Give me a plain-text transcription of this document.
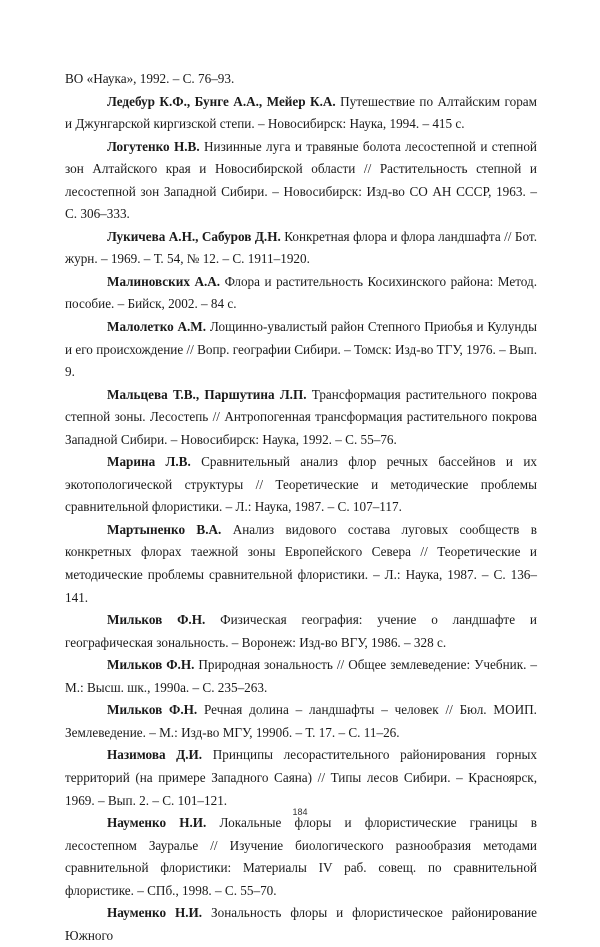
ВО «Наука», 1992. – С. 76–93.

Ледебур К.Ф., Бунге А.А., Мейер К.А. Путешествие по Алтайским горам и Джунгарской киргизской степи. – Новосибирск: Наука, 1994. – 415 с.

Логутенко Н.В. Низинные луга и травяные болота лесостепной и степной зон Алтайского края и Новосибирской области // Растительность степной и лесостепной зон Западной Сибири. – Новосибирск: Изд-во СО АН СССР, 1963. – С. 306–333.

Лукичева А.Н., Сабуров Д.Н. Конкретная флора и флора ландшафта // Бот. журн. – 1969. – Т. 54, № 12. – С. 1911–1920.

Малиновских А.А. Флора и растительность Косихинского района: Метод. пособие. – Бийск, 2002. – 84 с.

Малолетко А.М. Лощинно-увалистый район Степного Приобья и Кулунды и его происхождение // Вопр. географии Сибири. – Томск: Изд-во ТГУ, 1976. – Вып. 9.

Мальцева Т.В., Паршутина Л.П. Трансформация растительного покрова степной зоны. Лесостепь // Антропогенная трансформация растительного покрова Западной Сибири. – Новосибирск: Наука, 1992. – С. 55–76.

Марина Л.В. Сравнительный анализ флор речных бассейнов и их экотопологической структуры // Теоретические и методические проблемы сравнительной флористики. – Л.: Наука, 1987. – С. 107–117.

Мартыненко В.А. Анализ видового состава луговых сообществ в конкретных флорах таежной зоны Европейского Севера // Теоретические и методические проблемы сравнительной флористики. – Л.: Наука, 1987. – С. 136–141.

Мильков Ф.Н. Физическая география: учение о ландшафте и географическая зональность. – Воронеж: Изд-во ВГУ, 1986. – 328 с.

Мильков Ф.Н. Природная зональность // Общее землеведение: Учебник. – М.: Высш. шк., 1990а. – С. 235–263.

Мильков Ф.Н. Речная долина – ландшафты – человек // Бюл. МОИП. Землеведение. – М.: Изд-во МГУ, 1990б. – Т. 17. – С. 11–26.

Назимова Д.И. Принципы лесорастительного районирования горных территорий (на примере Западного Саяна) // Типы лесов Сибири. – Красноярск, 1969. – Вып. 2. – С. 101–121.

Науменко Н.И. Локальные флоры и флористические границы в лесостепном Зауралье // Изучение биологического разнообразия методами сравнительной флористики: Материалы IV раб. совещ. по сравнительной флористике. – СПб., 1998. – С. 55–70.

Науменко Н.И. Зональность флоры и флористическое районирование Южного

184
